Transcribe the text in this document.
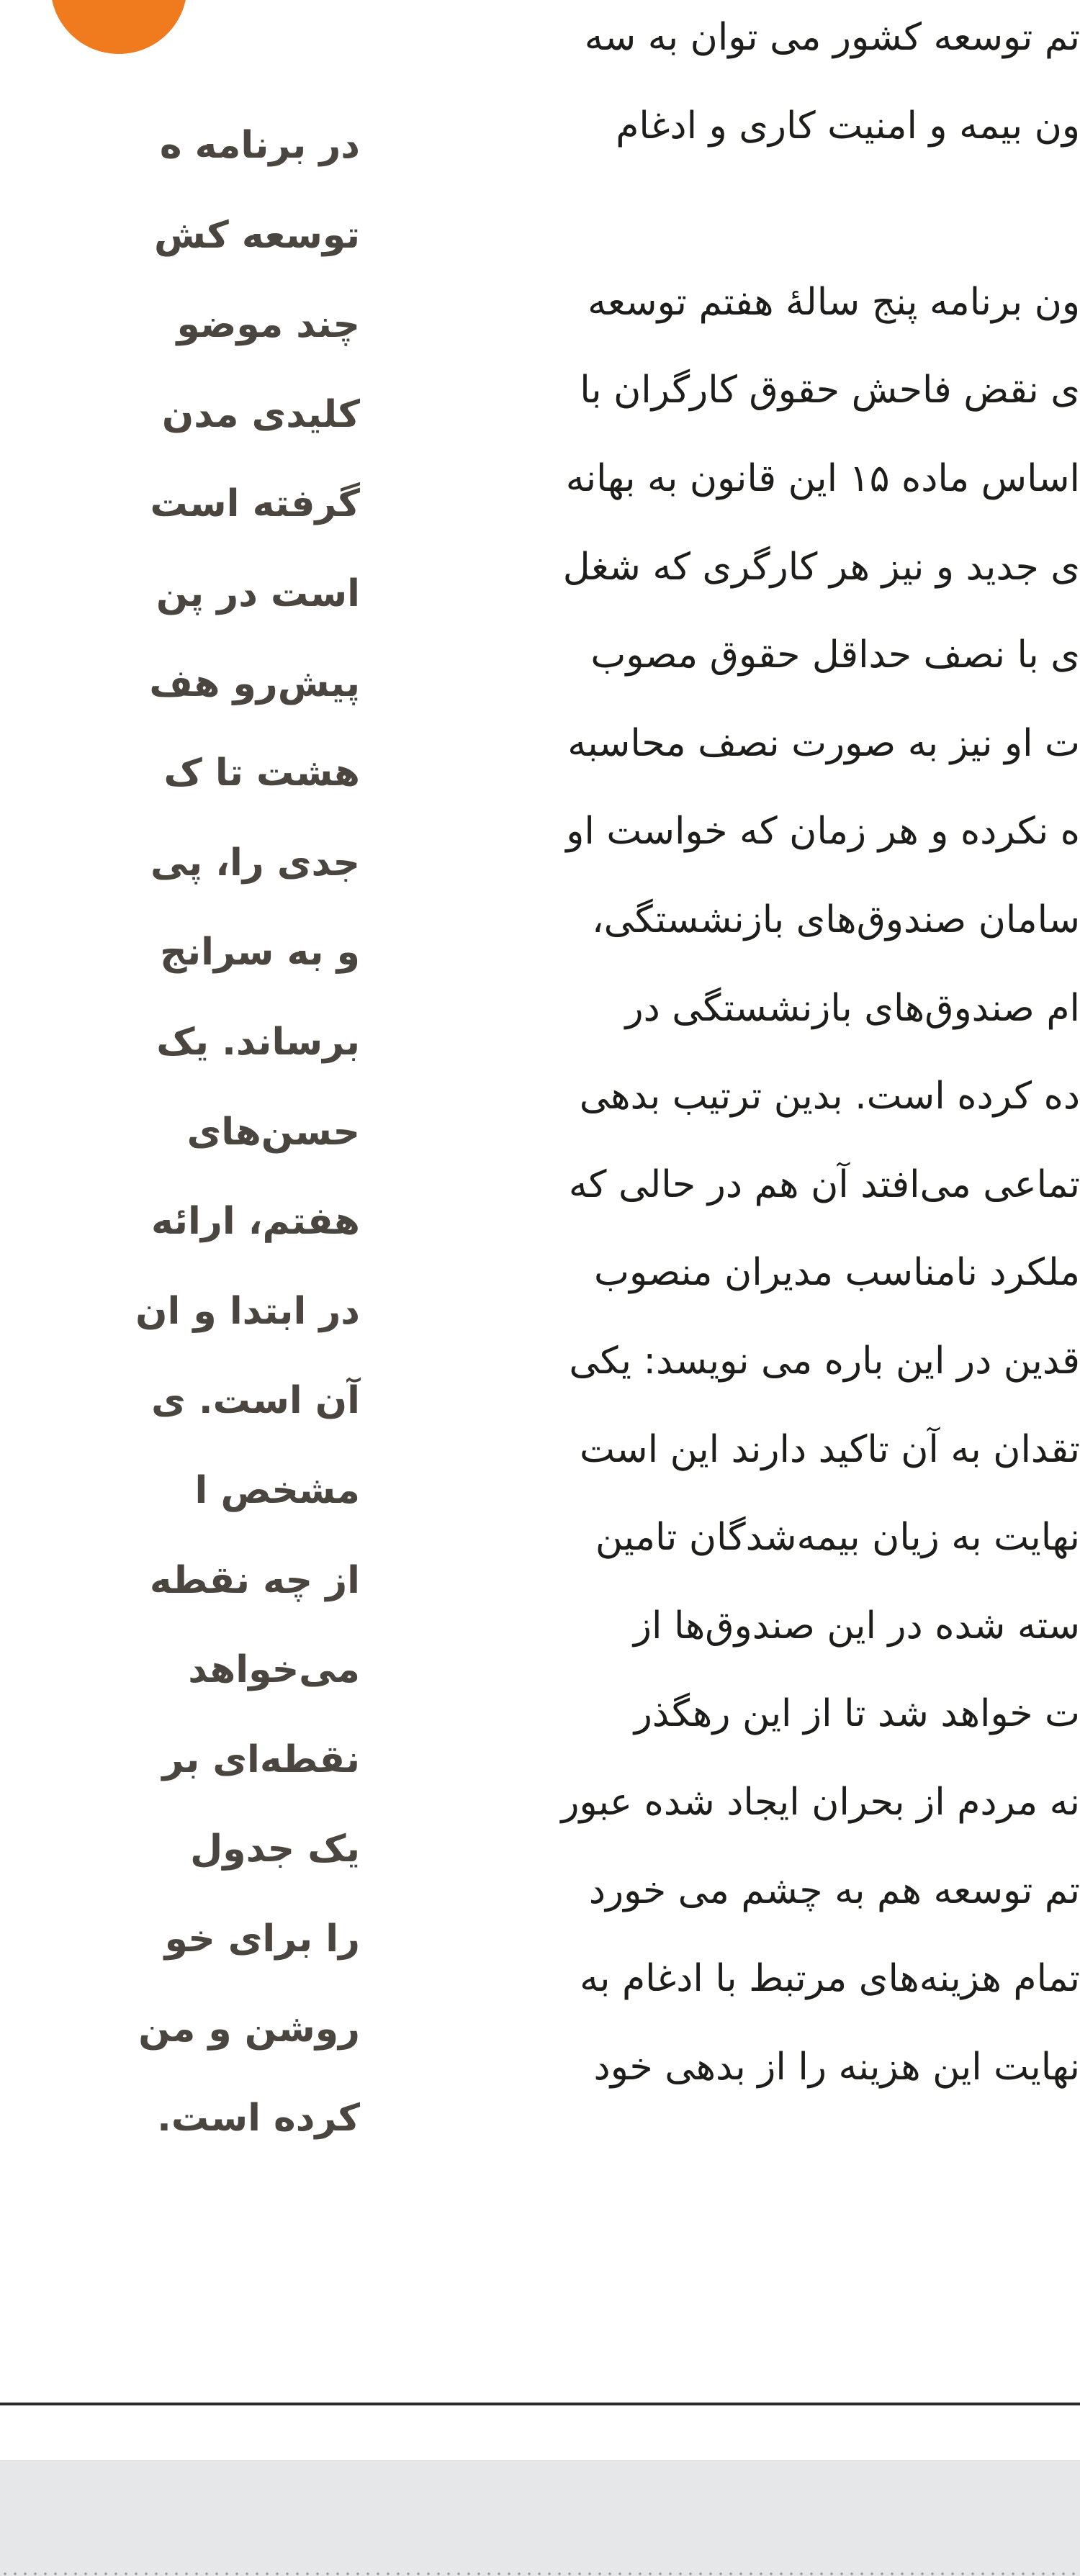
تم توسعه کشور می توان به سه
ون بیمه و امنیت کاری و ادغام
ون برنامه پنج سالهٔ هفتم توسعه
ی نقض فاحش حقوق کارگران با
اساس ماده ۱۵ این قانون به بهانه
ی جدید و نیز هر کارگری که شغل
ی با نصف حداقل حقوق مصوب
ت او نیز به صورت نصف محاسبه
ه نکرده و هر زمان که خواست او
سامان صندوق‌های بازنشستگی،
ام صندوق‌های بازنشستگی در
ده کرده است. بدین ترتیب بدهی
تماعی می‌افتد آن هم در حالی که
ملکرد نامناسب مدیران منصوب
قدین در این باره می نویسد: یکی
تقدان به آن تاکید دارند این است
نهایت به زیان بیمه‌شدگان تامین
سته شده در این صندوق‌ها از
ت خواهد شد تا از این رهگذر
نه مردم از بحران ایجاد شده عبور
تم توسعه هم به چشم می خورد
تمام هزینه‌های مرتبط با ادغام به
نهایت این هزینه را از بدهی خود
در برنامه ه
توسعه کش
چند موضو
کلیدی مدن
گرفته است
است در پن
پیش‌رو هف
هشت تا ک
جدی را، پی
و به سرانج
برساند. یک
حسن‌های
هفتم، ارائه
در ابتدا و ان
آن است. ی
مشخص ا
از چه نقطه
می‌خواهد
نقطه‌ای بر
یک جدول
را برای خو
روشن و من
کرده است.
